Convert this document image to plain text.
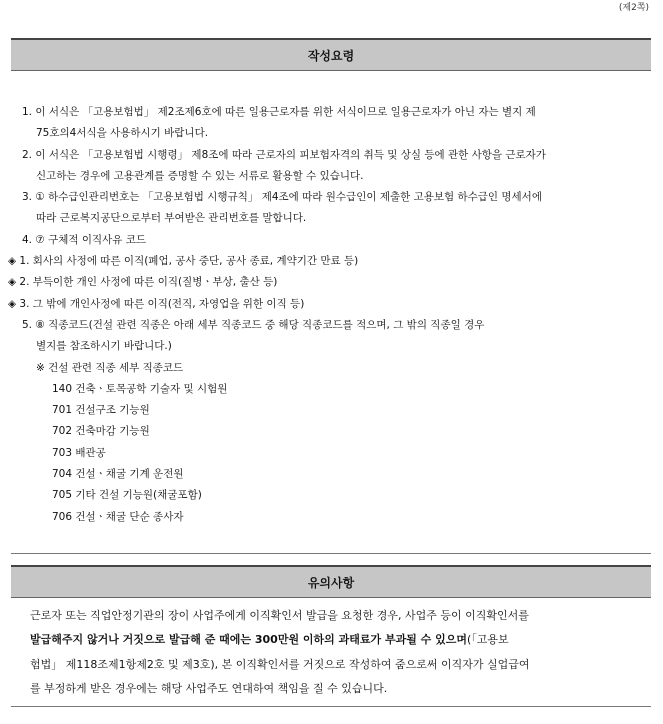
(제2쪽)
작성요령
1. 이 서식은 「고용보험법」 제2조제6호에 따른 일용근로자를 위한 서식이므로 일용근로자가 아닌 자는 별지 제
75호의4서식을 사용하시기 바랍니다.
2. 이 서식은 「고용보험법 시행령」 제8조에 따라 근로자의 피보험자격의 취득 및 상실 등에 관한 사항을 근로자가
신고하는 경우에 고용관계를 증명할 수 있는 서류로 활용할 수 있습니다.
3. ① 하수급인관리번호는 「고용보험법 시행규칙」 제4조에 따라 원수급인이 제출한 고용보험 하수급인 명세서에
따라 근로복지공단으로부터 부여받은 관리번호를 말합니다.
4. ⑦ 구체적 이직사유 코드
◈ 1. 회사의 사정에 따른 이직(폐업, 공사 중단, 공사 종료, 계약기간 만료 등)
◈ 2. 부득이한 개인 사정에 따른 이직(질병ㆍ부상, 출산 등)
◈ 3. 그 밖에 개인사정에 따른 이직(전직, 자영업을 위한 이직 등)
5. ⑧ 직종코드(건설 관련 직종은 아래 세부 직종코드 중 해당 직종코드를 적으며, 그 밖의 직종일 경우
별지를 참조하시기 바랍니다.)
※ 건설 관련 직종 세부 직종코드
140 건축ㆍ토목공학 기술자 및 시험원
701 건설구조 기능원
702 건축마감 기능원
703 배관공
704 건설ㆍ채굴 기계 운전원
705 기타 건설 기능원(채굴포함)
706 건설ㆍ채굴 단순 종사자
유의사항
근로자 또는 직업안정기관의 장이 사업주에게 이직확인서 발급을 요청한 경우, 사업주 등이 이직확인서를
발급해주지 않거나 거짓으로 발급해 준 때에는 300만원 이하의 과태료가 부과될 수 있으며(「고용보
험법」 제118조제1항제2호 및 제3호), 본 이직확인서를 거짓으로 작성하여 줌으로써 이직자가 실업급여
를 부정하게 받은 경우에는 해당 사업주도 연대하여 책임을 질 수 있습니다.
